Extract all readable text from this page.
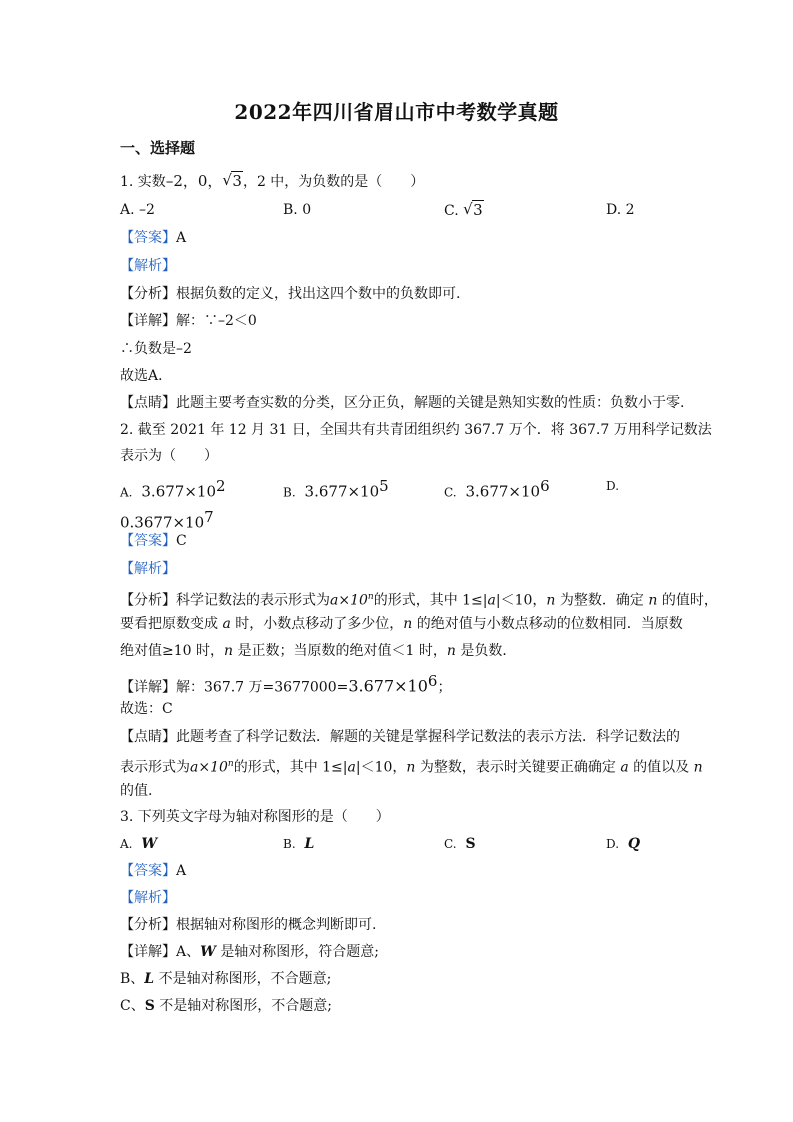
2022年四川省眉山市中考数学真题
一、选择题
1. 实数–2，0， √ 3，2 中，为负数的是（　　）
A. –2	B. 0	C. √ 3	D. 2
【答案】A
【解析】
【分析】根据负数的定义，找出这四个数中的负数即可.
【详解】解：∵–2＜0
∴负数是–2
故选A．
【点睛】此题主要考查实数的分类，区分正负，解题的关键是熟知实数的性质：负数小于零.
2. 截至 2021 年 12 月 31 日，全国共有共青团组织约 367.7 万个．将 367.7 万用科学记数法
表示为（　　）
A. $3.677\times 10^2$	B. $3.677\times 10^5$	C. $3.677\times 10^6$	D.
$0.3677\times 10^7$
【答案】C
【解析】
【分析】科学记数法的表示形式为$a\times 10^n$的形式，其中 1≤|a|＜10，n 为整数．确定 n 的值时，
要看把原数变成 a 时，小数点移动了多少位，n 的绝对值与小数点移动的位数相同．当原数
绝对值≥10 时，n 是正数；当原数的绝对值＜1 时，n 是负数．
【详解】解：367.7 万$=3677000=3.677\times 10^6$；
故选：C
【点睛】此题考查了科学记数法．解题的关键是掌握科学记数法的表示方法．科学记数法的
表示形式为$a\times 10^n$的形式，其中 1≤|a|＜10，n 为整数，表示时关键要正确确定 a 的值以及 n
的值.
3. 下列英文字母为轴对称图形的是（　　）
A. W	B. L	C. S	D. Q
【答案】A
【解析】
【分析】根据轴对称图形的概念判断即可.
【详解】A、W 是轴对称图形，符合题意;
B、L 不是轴对称图形，不合题意;
C、S 不是轴对称图形，不合题意;
